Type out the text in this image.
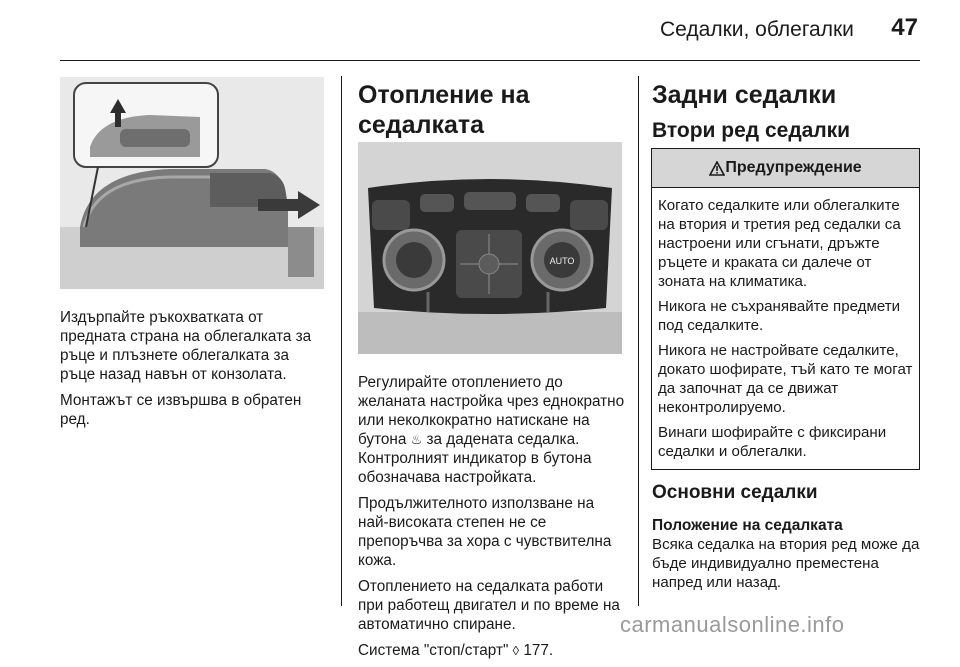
Седалки, облегалки 47

Издърпайте ръкохватката от предната страна на облегалката за ръце и плъзнете облегалката за ръце назад навън от конзолата.

Монтажът се извършва в обратен ред.

Отопление на седалката
AUTO

Регулирайте отоплението до желаната настройка чрез еднократно или неколкократно натискане на бутона ♨ за дадената седалка. Контролният индикатор в бутона обозначава настройката.

Продължителното използване на най-високата степен не се препоръчва за хора с чувствителна кожа.

Отоплението на седалката работи при работещ двигател и по време на автоматично спиране.

Система "стоп/старт" ◊ 177.

Задни седалки
Втори ред седалки
Предупреждение

Когато седалките или облегалките на втория и третия ред седалки са настроени или сгънати, дръжте ръцете и краката си далече от зоната на климатика.

Никога не съхранявайте предмети под седалките.

Никога не настройвате седалките, докато шофирате, тъй като те могат да започнат да се движат неконтролируемо.

Винаги шофирайте с фиксирани седалки и облегалки.

Основни седалки
Положение на седалката

Всяка седалка на втория ред може да бъде индивидуално преместена напред или назад.

carmanualsonline.info
